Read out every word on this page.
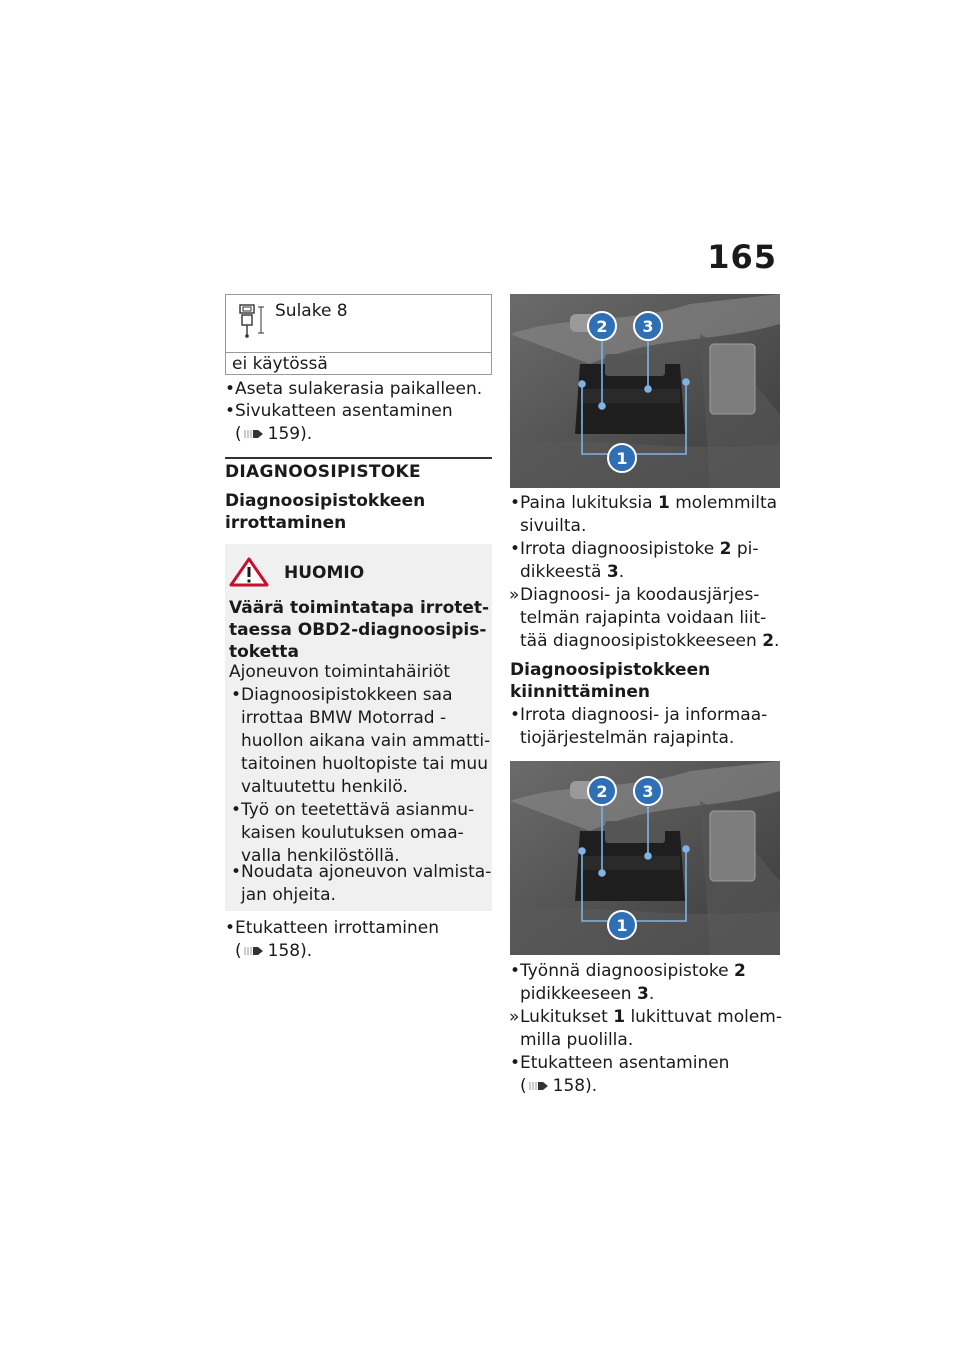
165
Sulake 8
ei käytössä
• Aseta sulakerasia paikalleen.
• Sivukatteen asentaminen
( 159).
DIAGNOOSIPISTOKE
Diagnoosipistokkeen
irrottaminen
HUOMIO
Väärä toimintatapa irrotet-
taessa OBD2-diagnoosipis-
toketta
Ajoneuvon toimintahäiriöt
• Diagnoosipistokkeen saa
irrottaa BMW Motorrad -
huollon aikana vain ammatti-
taitoinen huoltopiste tai muu
valtuutettu henkilö.
• Työ on teetettävä asianmu-
kaisen koulutuksen omaa-
valla henkilöstöllä.
• Noudata ajoneuvon valmista-
jan ohjeita.
• Etukatteen irrottaminen
( 158).
2 3
1
• Paina lukituksia 1 molemmilta
sivuilta.
• Irrota diagnoosipistoke 2 pi-
dikkeestä 3.
» Diagnoosi- ja koodausjärjes-
telmän rajapinta voidaan liit-
tää diagnoosipistokkeeseen 2.
Diagnoosipistokkeen
kiinnittäminen
• Irrota diagnoosi- ja informaa-
tiojärjestelmän rajapinta.
2 3
1
• Työnnä diagnoosipistoke 2
pidikkeeseen 3.
» Lukitukset 1 lukittuvat molem-
milla puolilla.
• Etukatteen asentaminen
( 158).
